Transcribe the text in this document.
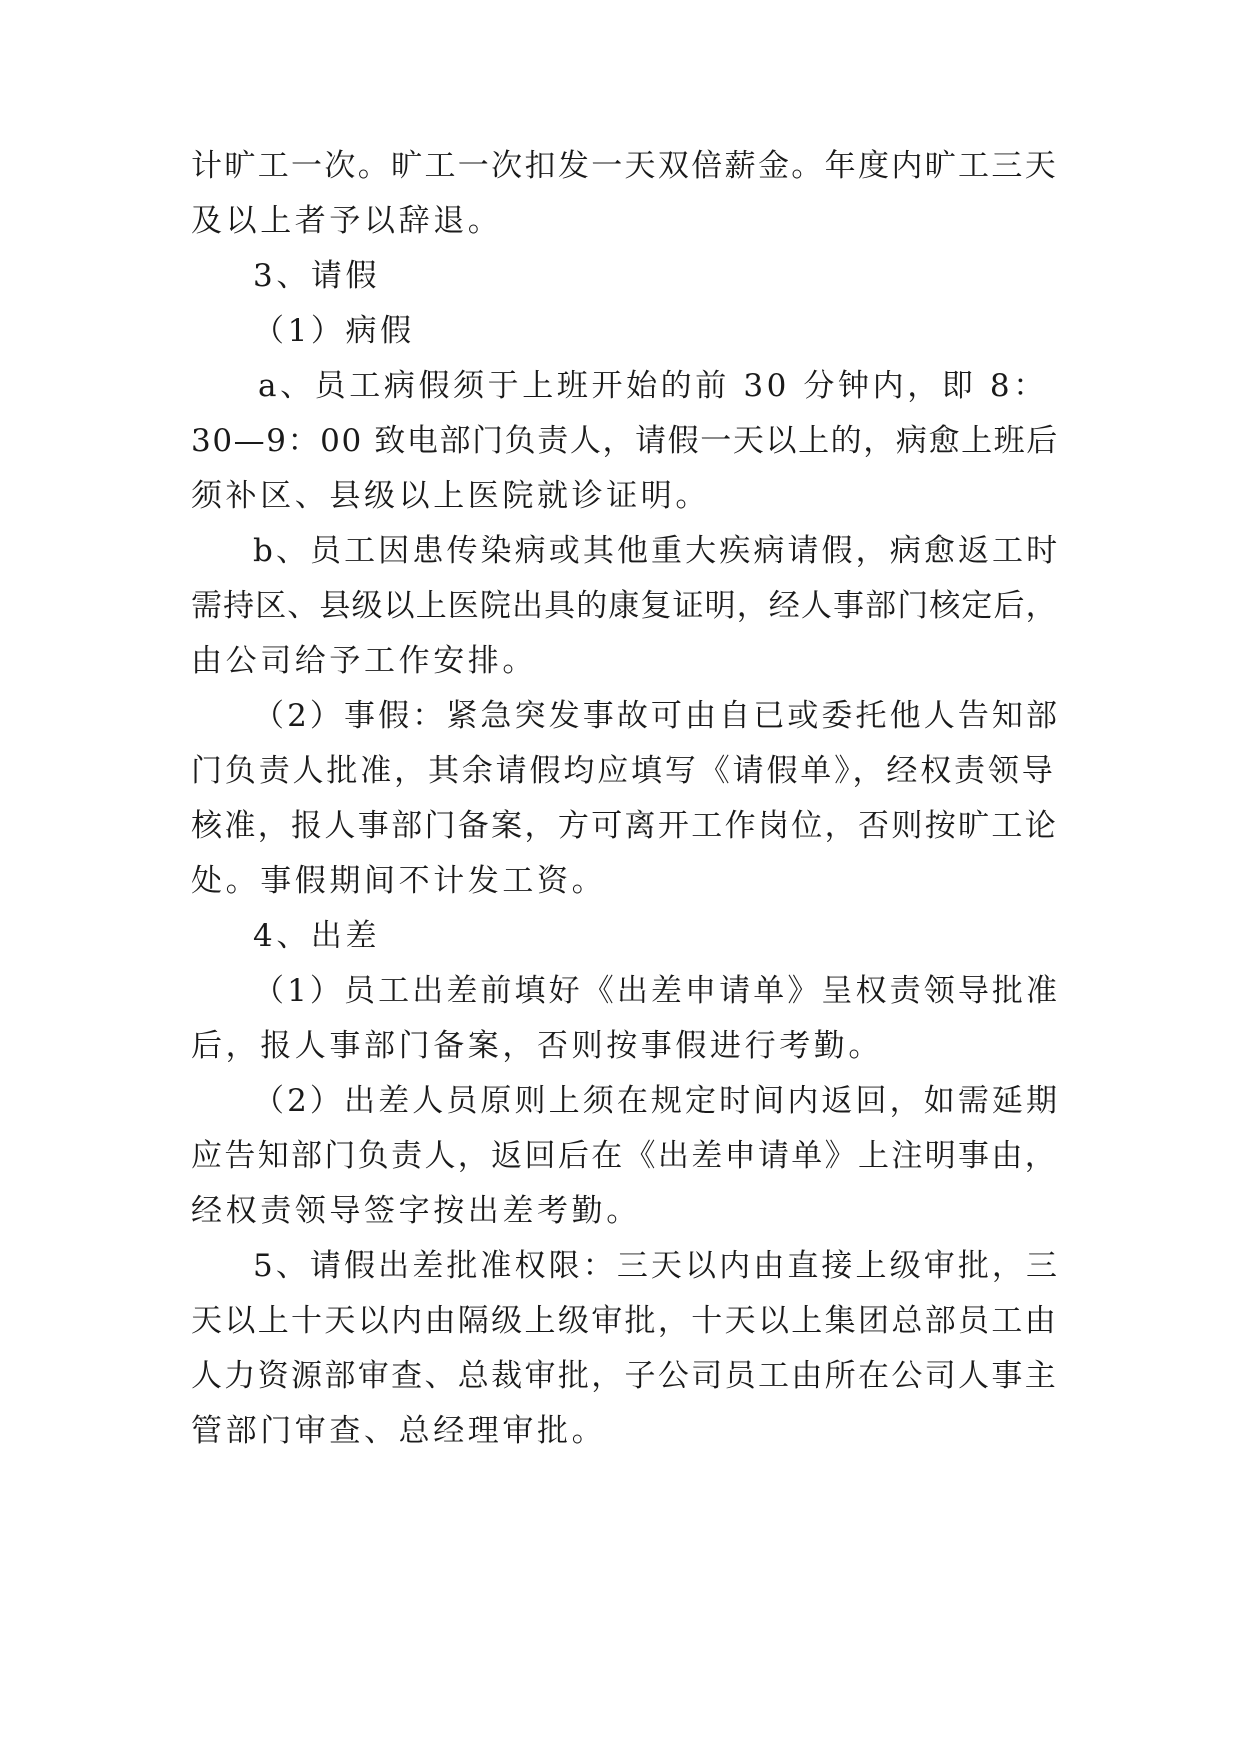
计旷工一次。旷工一次扣发一天双倍薪金。年度内旷工三天
及以上者予以辞退。
3、请假
（1）病假
a、员工病假须于上班开始的前 30 分钟内，即 8：
30—9：00 致电部门负责人，请假一天以上的，病愈上班后
须补区、县级以上医院就诊证明。
b、员工因患传染病或其他重大疾病请假，病愈返工时
需持区、县级以上医院出具的康复证明，经人事部门核定后，
由公司给予工作安排。
（2）事假：紧急突发事故可由自已或委托他人告知部
门负责人批准，其余请假均应填写《请假单》，经权责领导
核准，报人事部门备案，方可离开工作岗位，否则按旷工论
处。事假期间不计发工资。
4、出差
（1）员工出差前填好《出差申请单》呈权责领导批准
后，报人事部门备案，否则按事假进行考勤。
（2）出差人员原则上须在规定时间内返回，如需延期
应告知部门负责人，返回后在《出差申请单》上注明事由，
经权责领导签字按出差考勤。
5、请假出差批准权限：三天以内由直接上级审批，三
天以上十天以内由隔级上级审批，十天以上集团总部员工由
人力资源部审查、总裁审批，子公司员工由所在公司人事主
管部门审查、总经理审批。
